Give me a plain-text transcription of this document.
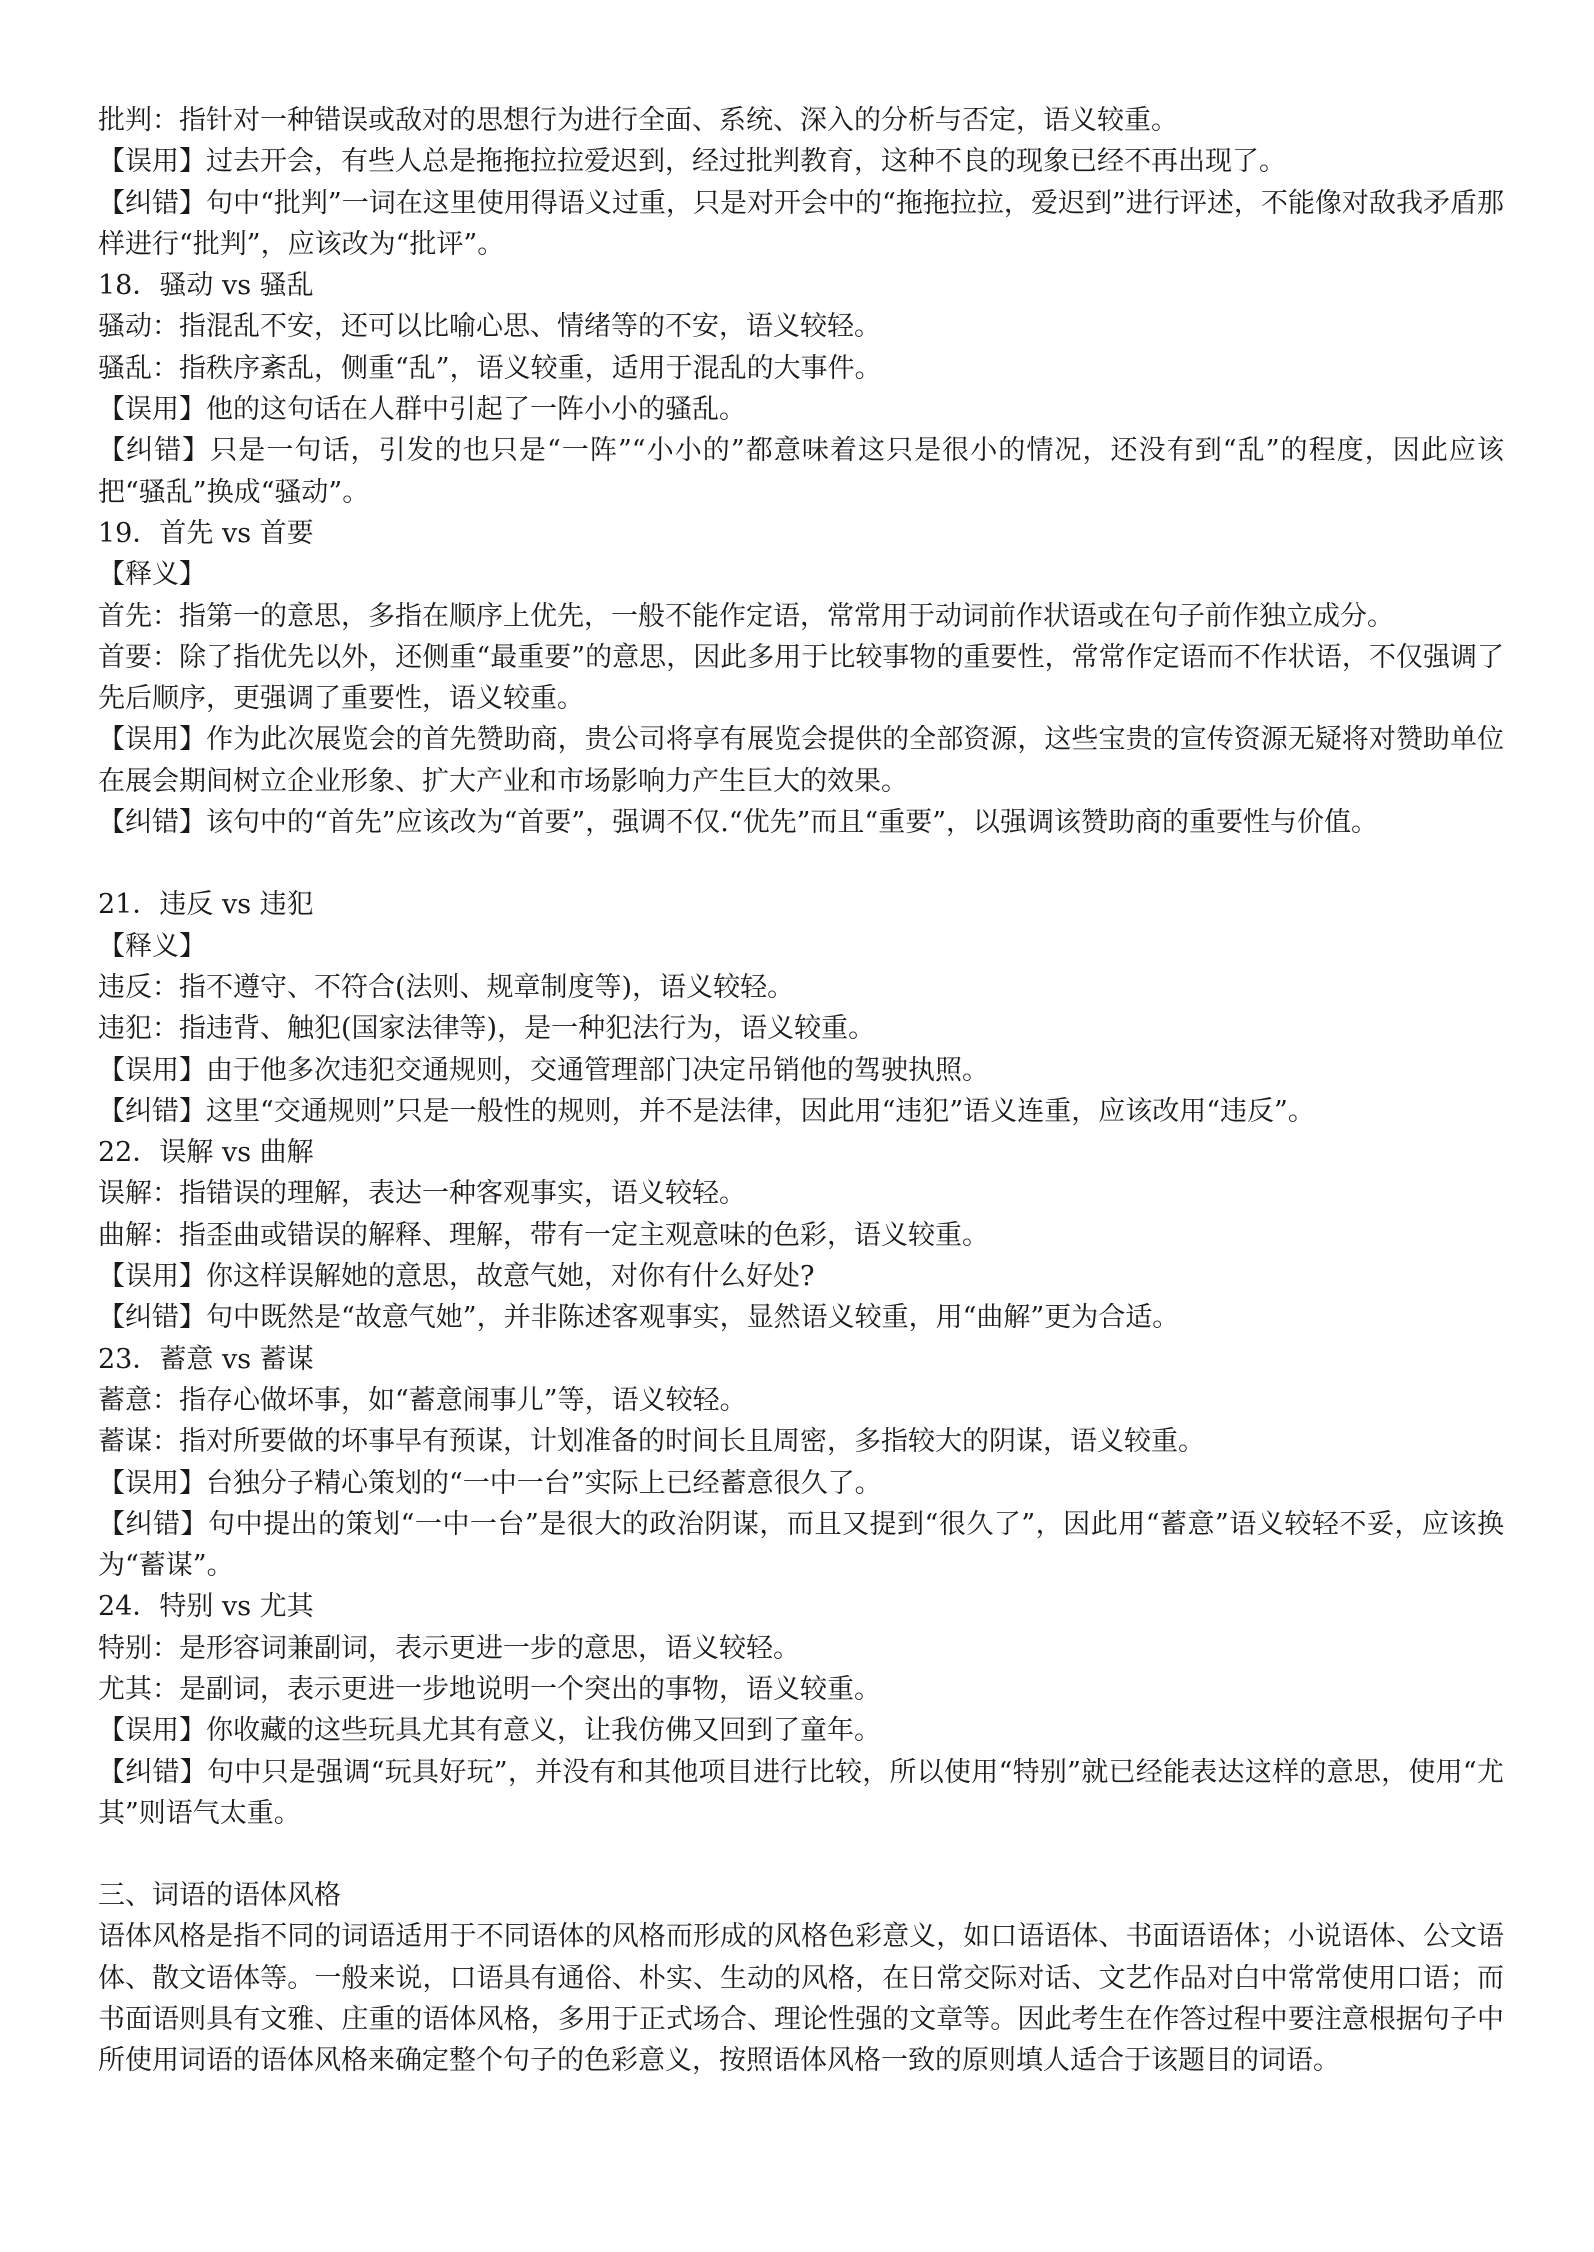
批判：指针对一种错误或敌对的思想行为进行全面、系统、深入的分析与否定，语义较重。

【误用】过去开会，有些人总是拖拖拉拉爱迟到，经过批判教育，这种不良的现象已经不再出现了。

【纠错】句中“批判”一词在这里使用得语义过重，只是对开会中的“拖拖拉拉，爱迟到”进行评述，不能像对敌我矛盾那样进行“批判”，应该改为“批评”。

18．骚动 vs 骚乱

骚动：指混乱不安，还可以比喻心思、情绪等的不安，语义较轻。

骚乱：指秩序紊乱，侧重“乱”，语义较重，适用于混乱的大事件。

【误用】他的这句话在人群中引起了一阵小小的骚乱。

【纠错】只是一句话，引发的也只是“一阵”“小小的”都意味着这只是很小的情况，还没有到“乱”的程度，因此应该把“骚乱”换成“骚动”。

19．首先 vs 首要

【释义】

首先：指第一的意思，多指在顺序上优先，一般不能作定语，常常用于动词前作状语或在句子前作独立成分。

首要：除了指优先以外，还侧重“最重要”的意思，因此多用于比较事物的重要性，常常作定语而不作状语，不仅强调了先后顺序，更强调了重要性，语义较重。

【误用】作为此次展览会的首先赞助商，贵公司将享有展览会提供的全部资源，这些宝贵的宣传资源无疑将对赞助单位在展会期间树立企业形象、扩大产业和市场影响力产生巨大的效果。

【纠错】该句中的“首先”应该改为“首要”，强调不仅.“优先”而且“重要”，以强调该赞助商的重要性与价值。

21．违反 vs 违犯

【释义】

违反：指不遵守、不符合(法则、规章制度等)，语义较轻。

违犯：指违背、触犯(国家法律等)，是一种犯法行为，语义较重。

【误用】由于他多次违犯交通规则，交通管理部门决定吊销他的驾驶执照。

【纠错】这里“交通规则”只是一般性的规则，并不是法律，因此用“违犯”语义连重，应该改用“违反”。

22．误解 vs 曲解

误解：指错误的理解，表达一种客观事实，语义较轻。

曲解：指歪曲或错误的解释、理解，带有一定主观意味的色彩，语义较重。

【误用】你这样误解她的意思，故意气她，对你有什么好处?

【纠错】句中既然是“故意气她”，并非陈述客观事实，显然语义较重，用“曲解”更为合适。

23．蓄意 vs 蓄谋

蓄意：指存心做坏事，如“蓄意闹事儿”等，语义较轻。

蓄谋：指对所要做的坏事早有预谋，计划准备的时间长且周密，多指较大的阴谋，语义较重。

【误用】台独分子精心策划的“一中一台”实际上已经蓄意很久了。

【纠错】句中提出的策划“一中一台”是很大的政治阴谋，而且又提到“很久了”，因此用“蓄意”语义较轻不妥，应该换为“蓄谋”。

24．特别 vs 尤其

特别：是形容词兼副词，表示更进一步的意思，语义较轻。

尤其：是副词，表示更进一步地说明一个突出的事物，语义较重。

【误用】你收藏的这些玩具尤其有意义，让我仿佛又回到了童年。

【纠错】句中只是强调“玩具好玩”，并没有和其他项目进行比较，所以使用“特别”就已经能表达这样的意思，使用“尤其”则语气太重。

三、词语的语体风格

语体风格是指不同的词语适用于不同语体的风格而形成的风格色彩意义，如口语语体、书面语语体；小说语体、公文语体、散文语体等。一般来说，口语具有通俗、朴实、生动的风格，在日常交际对话、文艺作品对白中常常使用口语；而书面语则具有文雅、庄重的语体风格，多用于正式场合、理论性强的文章等。因此考生在作答过程中要注意根据句子中所使用词语的语体风格来确定整个句子的色彩意义，按照语体风格一致的原则填人适合于该题目的词语。
